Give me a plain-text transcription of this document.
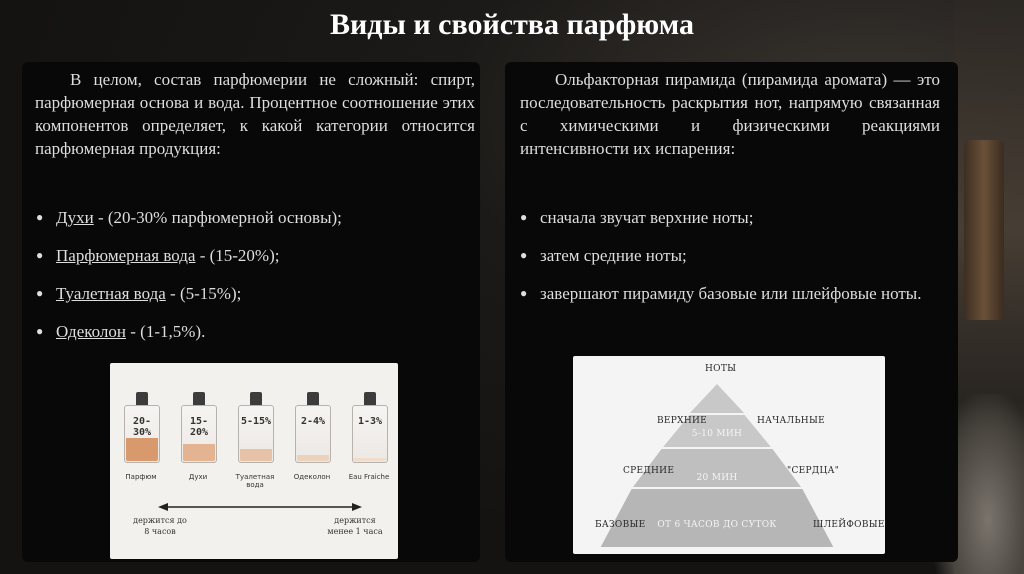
Виды и свойства парфюма
В целом, состав парфюмерии не сложный: спирт, парфюмерная основа и вода. Процентное соотношение этих компонентов определяет, к какой категории относится парфюмерная продукция:
● Духи - (20-30% парфюмерной основы);
● Парфюмерная вода - (15-20%);
● Туалетная вода - (5-15%);
● Одеколон - (1-1,5%).
20-30%
Парфюм
15-20%
Духи
5-15%
Туалетная вода
2-4%
Одеколон
1-3%
Eau Fraiche
держится до
8 часов
держится
менее 1 часа
Ольфакторная пирамида (пирамида аромата) — это последовательность раскрытия нот, напрямую связанная с химическими и физическими реакциями интенсивности их испарения:
● сначала звучат верхние ноты;
● затем средние ноты;
● завершают пирамиду базовые или шлейфовые ноты.
НОТЫ
ВЕРХНИЕ	НАЧАЛЬНЫЕ
5-10 МИН
СРЕДНИЕ	"СЕРДЦА"
20 МИН
БАЗОВЫЕ	ШЛЕЙФОВЫЕ
ОТ 6 ЧАСОВ ДО СУТОК
